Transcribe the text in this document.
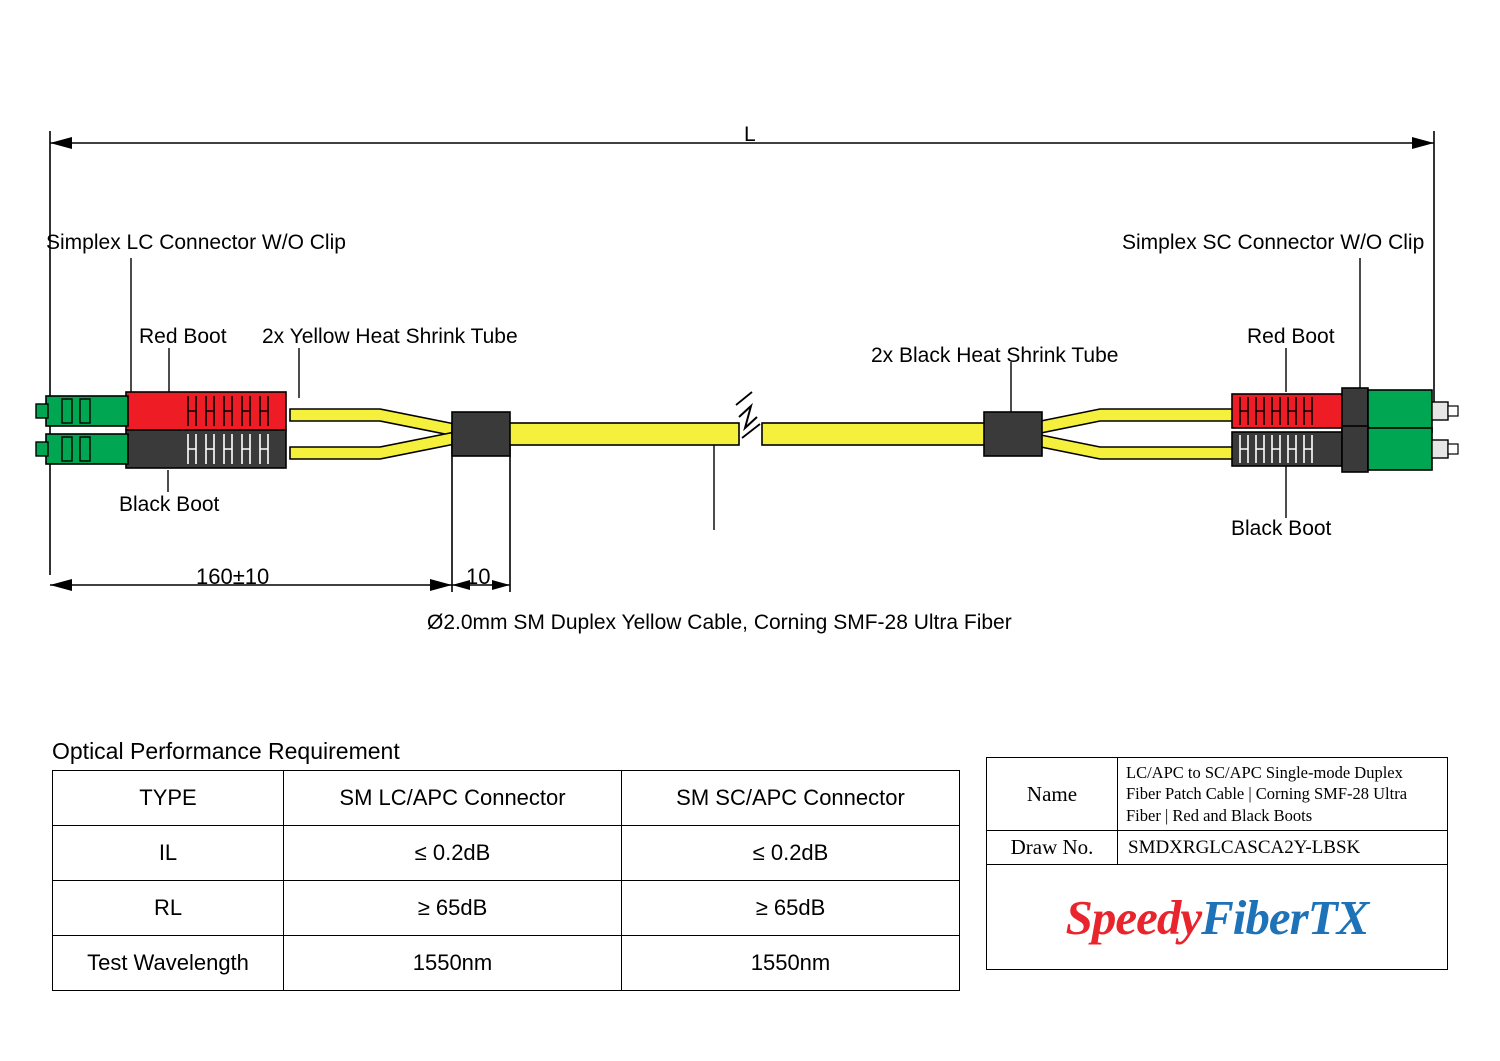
L
Simplex LC Connector W/O Clip	Simplex SC Connector W/O Clip
Red Boot 2x Yellow Heat Shrink Tube
2x Black Heat Shrink Tube
Red Boot
Black Boot
Black Boot
160±10	10
Ø2.0mm SM Duplex Yellow Cable, Corning SMF-28 Ultra Fiber
Optical Performance Requirement
TYPE	SM LC/APC Connector	SM SC/APC Connector
IL	≤ 0.2dB	≤ 0.2dB
RL	≥ 65dB	≥ 65dB
Test Wavelength	1550nm	1550nm
Name	LC/APC to SC/APC Single-mode Duplex Fiber Patch Cable | Corning SMF-28 Ultra Fiber | Red and Black Boots
Draw No.	SMDXRGLCASCA2Y-LBSK

Speedy FiberTX	
